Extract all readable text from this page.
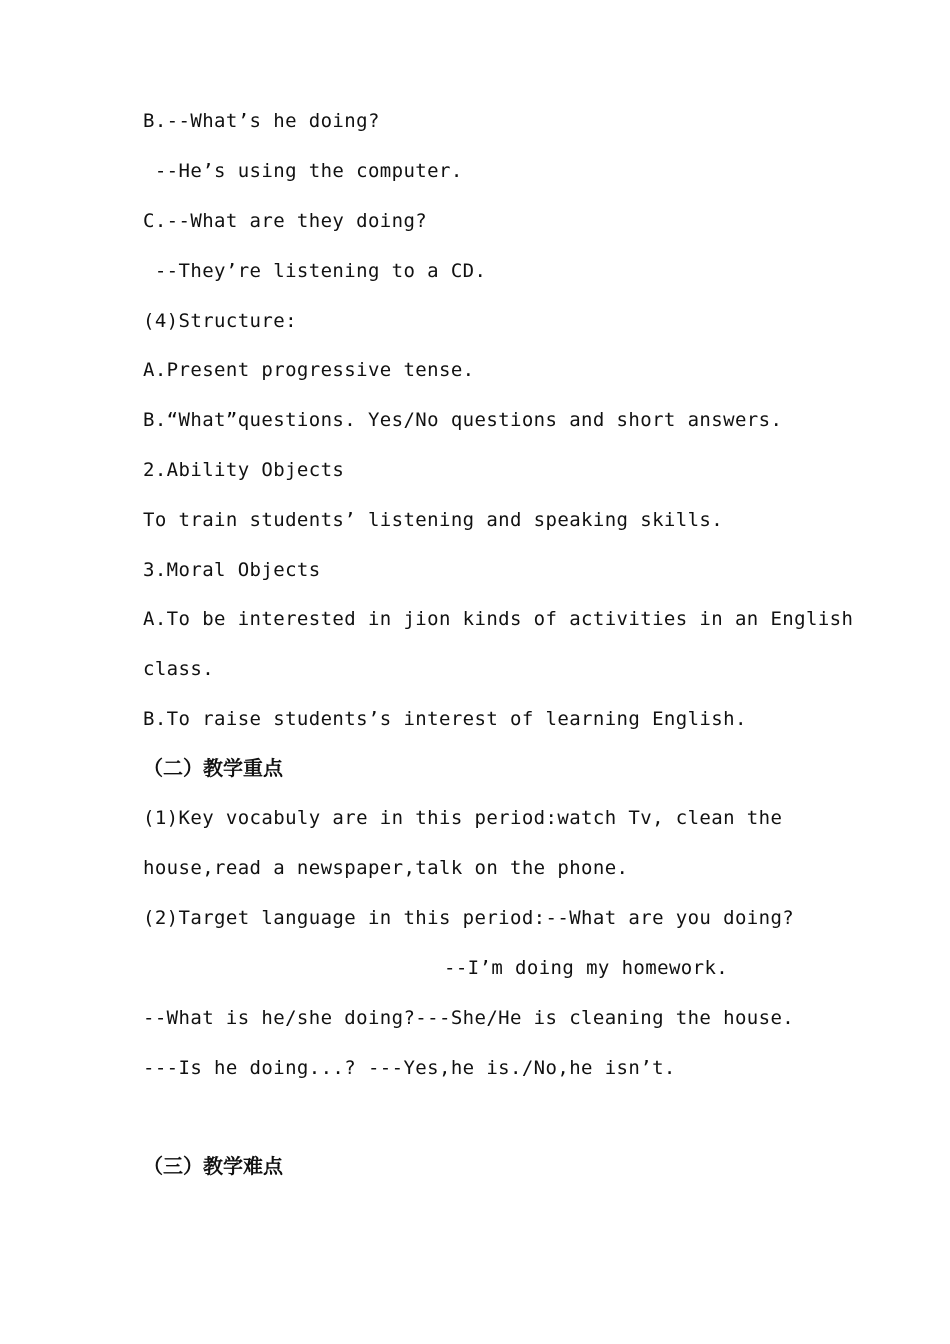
B.--What’s he doing?
--He’s using the computer.
C.--What are they doing?
--They’re listening to a CD.
(4)Structure:
A.Present progressive tense.
B.“What”questions. Yes/No questions and short answers.
2.Ability Objects
To train students’ listening and speaking skills.
3.Moral Objects
A.To be interested in jion kinds of activities in an English
class.
B.To raise students’s interest of learning English.
（二）教学重点
(1)Key vocabuly are in this period:watch Tv, clean the
house,read a newspaper,talk on the phone.
(2)Target language in this period:--What are you doing?
--I’m doing my homework.
--What is he/she doing?---She/He is cleaning the house.
---Is he doing...? ---Yes,he is./No,he isn’t.
（三）教学难点
